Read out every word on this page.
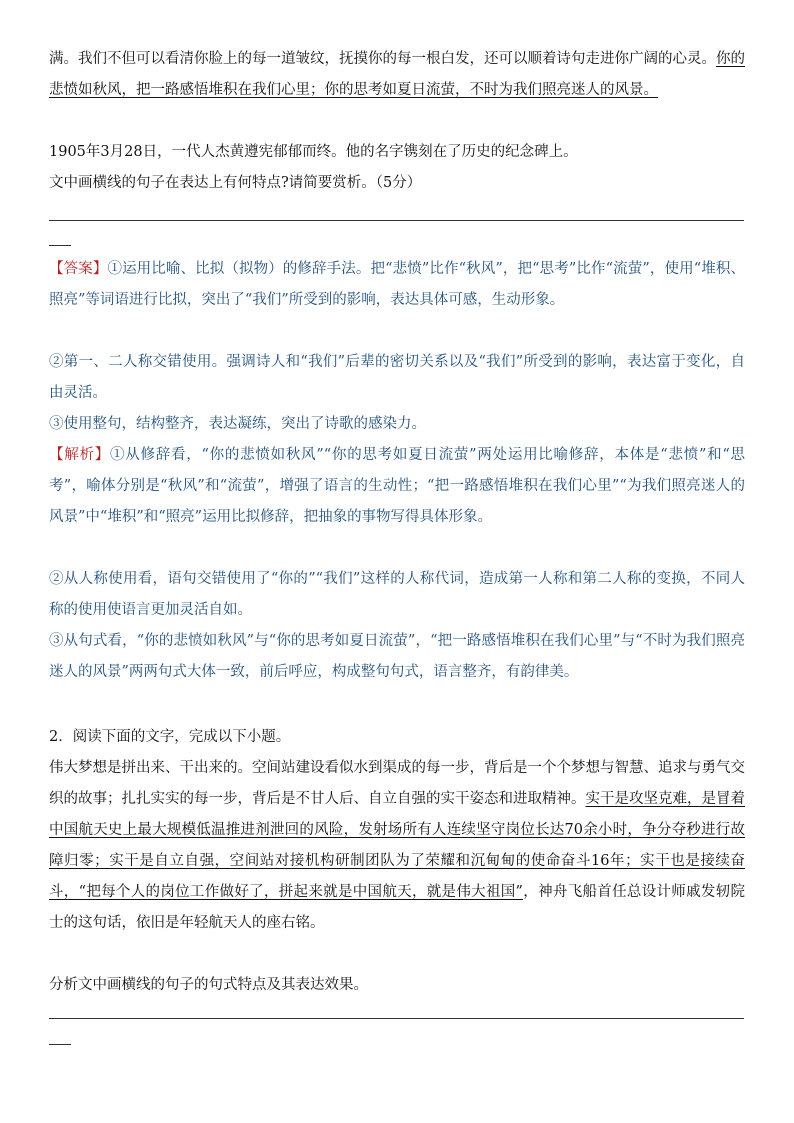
满。我们不但可以看清你脸上的每一道皱纹，抚摸你的每一根白发，还可以顺着诗句走进你广阔的心灵。你的悲愤如秋风，把一路感悟堆积在我们心里；你的思考如夏日流萤，不时为我们照亮迷人的风景。
1905年3月28日，一代人杰黄遵宪郁郁而终。他的名字镌刻在了历史的纪念碑上。
文中画横线的句子在表达上有何特点?请简要赏析。（5分）
【答案】①运用比喻、比拟（拟物）的修辞手法。把“悲愤”比作“秋风”，把“思考”比作“流萤”，使用“堆积、照亮”等词语进行比拟，突出了“我们”所受到的影响，表达具体可感，生动形象。
②第一、二人称交错使用。强调诗人和“我们”后辈的密切关系以及“我们”所受到的影响，表达富于变化，自由灵活。
③使用整句，结构整齐，表达凝练，突出了诗歌的感染力。
【解析】①从修辞看，“你的悲愤如秋风”“你的思考如夏日流萤”两处运用比喻修辞，本体是“悲愤”和“思考”，喻体分别是“秋风”和“流萤”，增强了语言的生动性；“把一路感悟堆积在我们心里”“为我们照亮迷人的风景”中“堆积”和“照亮”运用比拟修辞，把抽象的事物写得具体形象。
②从人称使用看，语句交错使用了“你的”“我们”这样的人称代词，造成第一人称和第二人称的变换，不同人称的使用使语言更加灵活自如。
③从句式看，“你的悲愤如秋风”与“你的思考如夏日流萤”，“把一路感悟堆积在我们心里”与“不时为我们照亮迷人的风景”两两句式大体一致，前后呼应，构成整句句式，语言整齐，有韵律美。
2．阅读下面的文字，完成以下小题。
伟大梦想是拼出来、干出来的。空间站建设看似水到渠成的每一步，背后是一个个梦想与智慧、追求与勇气交织的故事；扎扎实实的每一步，背后是不甘人后、自立自强的实干姿态和进取精神。实干是攻坚克难，是冒着中国航天史上最大规模低温推进剂泄回的风险，发射场所有人连续坚守岗位长达70余小时，争分夺秒进行故障归零；实干是自立自强，空间站对接机构研制团队为了荣耀和沉甸甸的使命奋斗16年；实干也是接续奋斗，“把每个人的岗位工作做好了，拼起来就是中国航天，就是伟大祖国”，神舟飞船首任总设计师戚发轫院士的这句话，依旧是年轻航天人的座右铭。
分析文中画横线的句子的句式特点及其表达效果。
